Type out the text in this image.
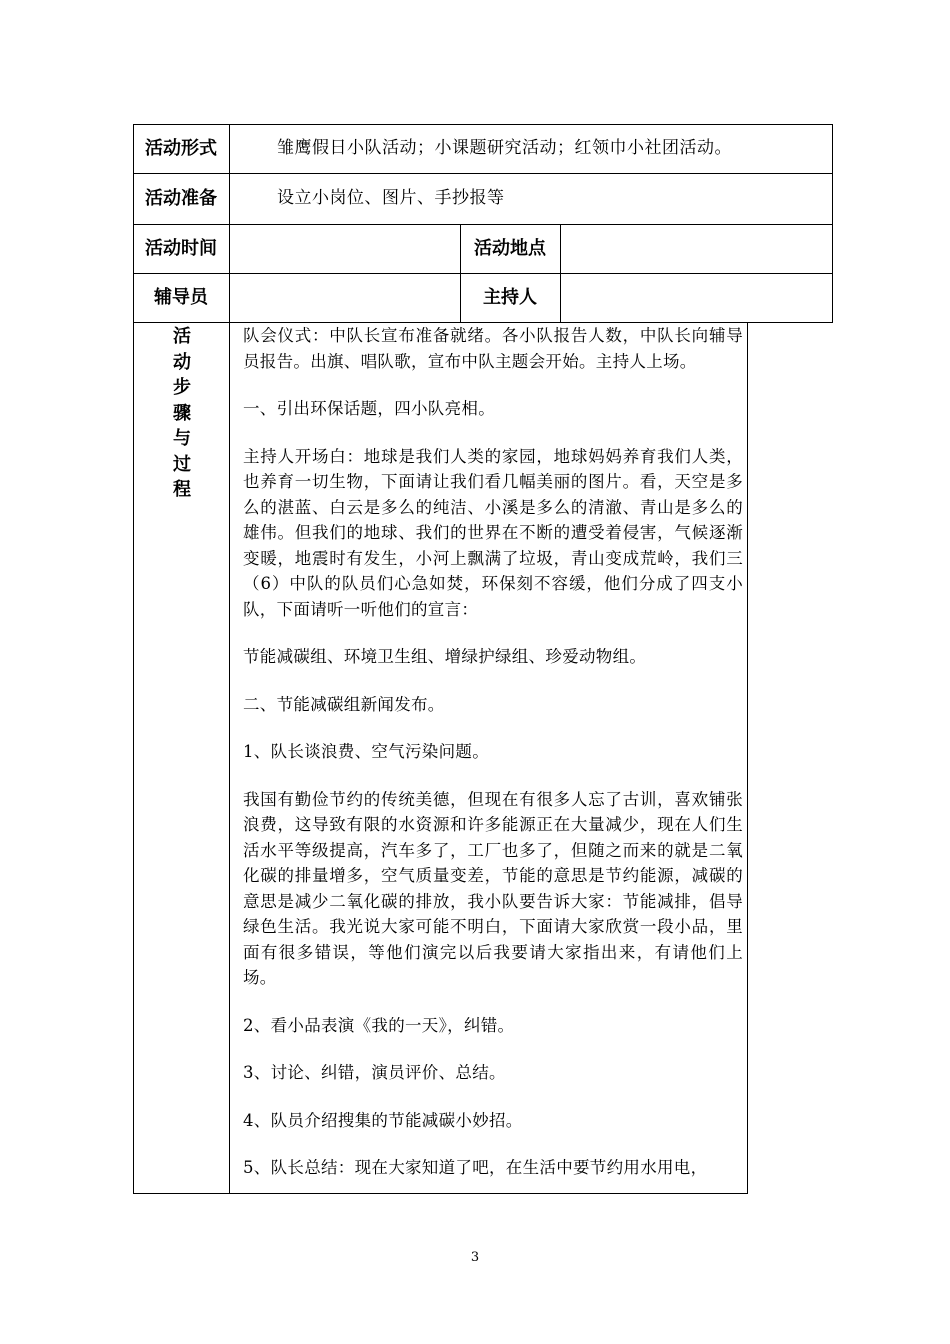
活动形式	雏鹰假日小队活动；小课题研究活动；红领巾小社团活动。
活动准备	设立小岗位、图片、手抄报等
活动时间	活动地点
辅导员	主持人
活
动
步
骤
与
过
程

队会仪式：中队长宣布准备就绪。各小队报告人数，中队长向辅导员报告。出旗、唱队歌，宣布中队主题会开始。主持人上场。

一、引出环保话题，四小队亮相。

主持人开场白：地球是我们人类的家园，地球妈妈养育我们人类，也养育一切生物，下面请让我们看几幅美丽的图片。看，天空是多么的湛蓝、白云是多么的纯洁、小溪是多么的清澈、青山是多么的雄伟。但我们的地球、我们的世界在不断的遭受着侵害，气候逐渐变暖，地震时有发生，小河上飘满了垃圾，青山变成荒岭，我们三（6）中队的队员们心急如焚，环保刻不容缓，他们分成了四支小队，下面请听一听他们的宣言：

节能减碳组、环境卫生组、增绿护绿组、珍爱动物组。

二、节能减碳组新闻发布。

1、队长谈浪费、空气污染问题。

我国有勤俭节约的传统美德，但现在有很多人忘了古训，喜欢铺张浪费，这导致有限的水资源和许多能源正在大量减少，现在人们生活水平等级提高，汽车多了，工厂也多了，但随之而来的就是二氧化碳的排量增多，空气质量变差，节能的意思是节约能源，减碳的意思是减少二氧化碳的排放，我小队要告诉大家：节能减排，倡导绿色生活。我光说大家可能不明白，下面请大家欣赏一段小品，里面有很多错误，等他们演完以后我要请大家指出来，有请他们上场。

2、看小品表演《我的一天》，纠错。

3、讨论、纠错，演员评价、总结。

4、队员介绍搜集的节能减碳小妙招。

5、队长总结：现在大家知道了吧，在生活中要节约用水用电，

3
